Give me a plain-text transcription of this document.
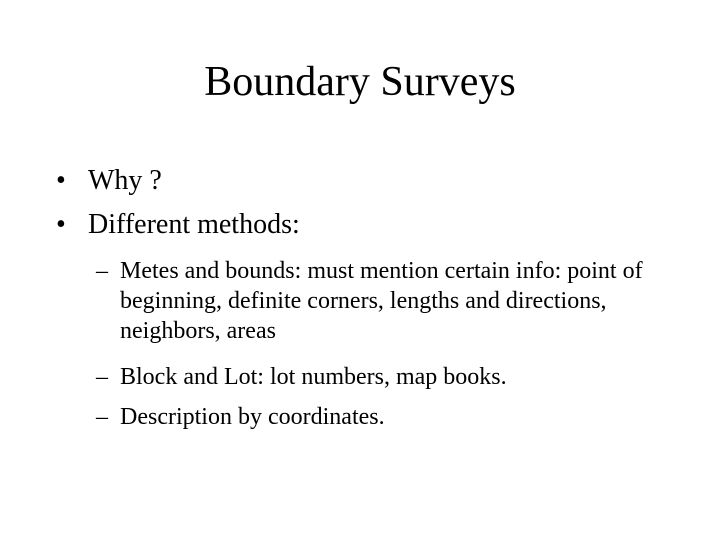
Boundary Surveys
• Why ?
• Different methods:
– Metes and bounds: must mention certain info: point of beginning, definite corners, lengths and directions, neighbors, areas
– Block and Lot: lot numbers, map books.
– Description by coordinates.
